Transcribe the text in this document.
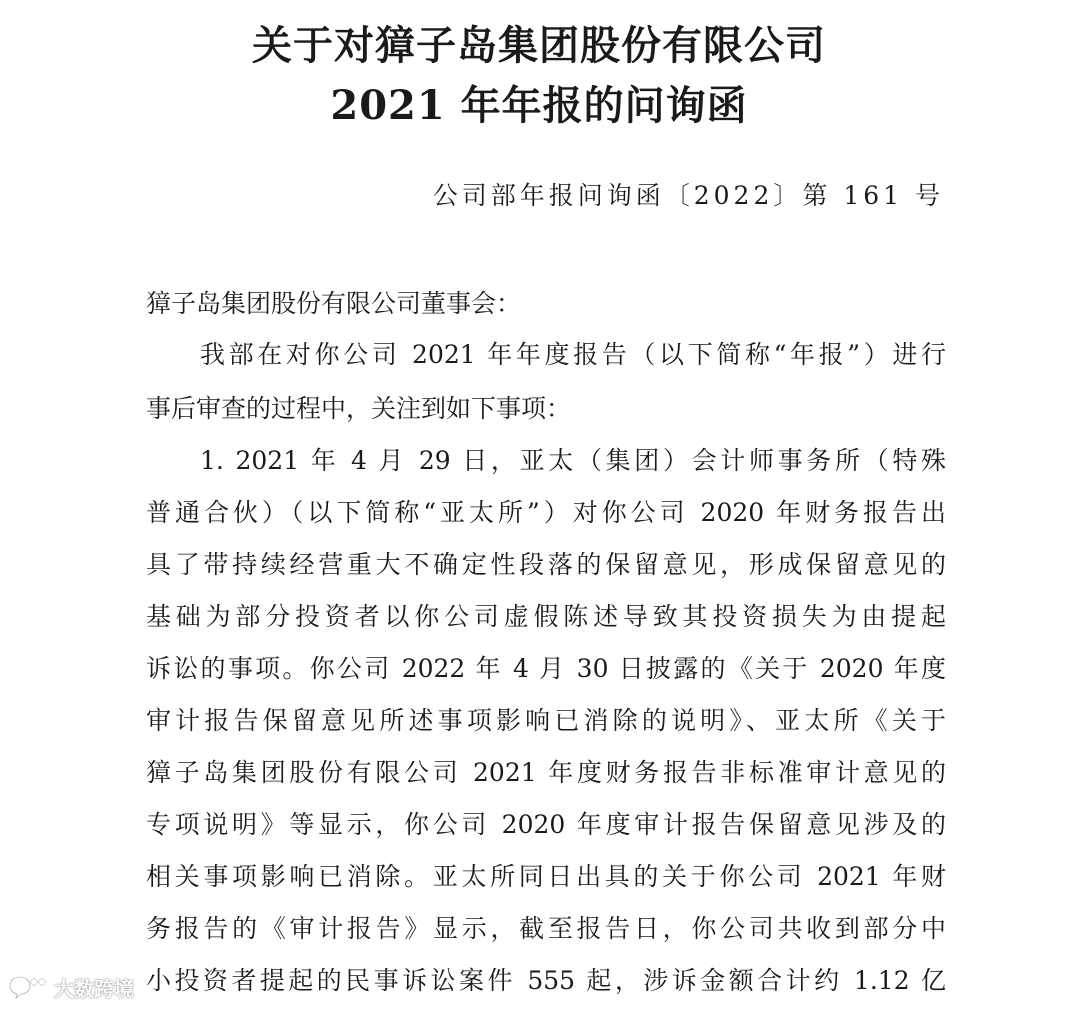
关于对獐子岛集团股份有限公司
2021 年年报的问询函
公司部年报问询函〔2022〕第 161 号
獐子岛集团股份有限公司董事会：
我部在对你公司 2021 年年度报告（以下简称“年报”）进行
事后审查的过程中，关注到如下事项：
1. 2021 年 4 月 29 日，亚太（集团）会计师事务所（特殊
普通合伙）（以下简称“亚太所”）对你公司 2020 年财务报告出
具了带持续经营重大不确定性段落的保留意见，形成保留意见的
基础为部分投资者以你公司虚假陈述导致其投资损失为由提起
诉讼的事项。你公司 2022 年 4 月 30 日披露的《关于 2020 年度
审计报告保留意见所述事项影响已消除的说明》、亚太所《关于
獐子岛集团股份有限公司 2021 年度财务报告非标准审计意见的
专项说明》等显示，你公司 2020 年度审计报告保留意见涉及的
相关事项影响已消除。亚太所同日出具的关于你公司 2021 年财
务报告的《审计报告》显示，截至报告日，你公司共收到部分中
小投资者提起的民事诉讼案件 555 起，涉诉金额合计约 1.12 亿
大数跨境
